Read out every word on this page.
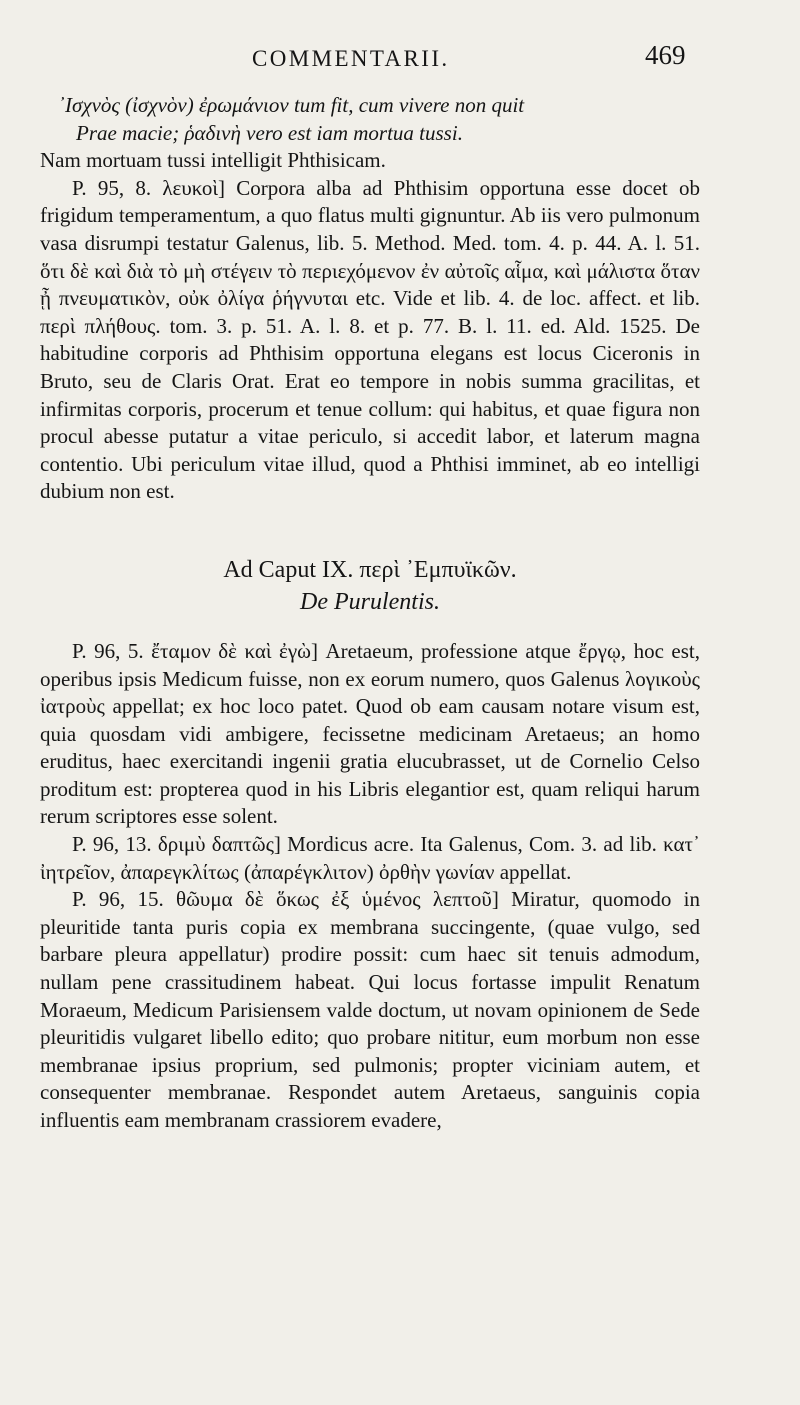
COMMENTARII.	469

᾿Ισχνὸς (ἰσχνὸν) ἐρωμάνιον tum fit, cum vivere non quit

Prae macie; ῥαδινὴ vero est iam mortua tussi.

Nam mortuam tussi intelligit Phthisicam.

P. 95, 8. λευκοὶ] Corpora alba ad Phthisim opportuna esse docet ob frigidum temperamentum, a quo flatus multi gignuntur. Ab iis vero pulmonum vasa disrumpi testatur Galenus, lib. 5. Method. Med. tom. 4. p. 44. A. l. 51. ὅτι δὲ καὶ διὰ τὸ μὴ στέγειν τὸ περιεχόμενον ἐν αὐτοῖς αἷμα, καὶ μάλιστα ὅταν ᾖ πνευματικὸν, οὐκ ὀλίγα ῥήγνυται etc. Vide et lib. 4. de loc. affect. et lib. περὶ πλήθους. tom. 3. p. 51. A. l. 8. et p. 77. B. l. 11. ed. Ald. 1525. De habitudine corporis ad Phthisim opportuna elegans est locus Ciceronis in Bruto, seu de Claris Orat. Erat eo tempore in nobis summa gracilitas, et infirmitas corporis, procerum et tenue collum: qui habitus, et quae figura non procul abesse putatur a vitae periculo, si accedit labor, et laterum magna contentio. Ubi periculum vitae illud, quod a Phthisi imminet, ab eo intelligi dubium non est.

Ad Caput IX. περὶ ᾿Εμπυϊκῶν.

De Purulentis.

P. 96, 5. ἔταμον δὲ καὶ ἐγὼ] Aretaeum, professione atque ἔργῳ, hoc est, operibus ipsis Medicum fuisse, non ex eorum numero, quos Galenus λογικοὺς ἰατροὺς appellat; ex hoc loco patet. Quod ob eam causam notare visum est, quia quosdam vidi ambigere, fecissetne medicinam Aretaeus; an homo eruditus, haec exercitandi ingenii gratia elucubrasset, ut de Cornelio Celso proditum est: propterea quod in his Libris elegantior est, quam reliqui harum rerum scriptores esse solent.

P. 96, 13. δριμὺ δαπτῶς] Mordicus acre. Ita Galenus, Com. 3. ad lib. κατ᾿ ἰητρεῖον, ἀπαρεγκλίτως (ἀπαρέγκλιτον) ὀρθὴν γωνίαν appellat.

P. 96, 15. θῶυμα δὲ ὅκως ἐξ ὑμένος λεπτοῦ] Miratur, quomodo in pleuritide tanta puris copia ex membrana succingente, (quae vulgo, sed barbare pleura appellatur) prodire possit: cum haec sit tenuis admodum, nullam pene crassitudinem habeat. Qui locus fortasse impulit Renatum Moraeum, Medicum Parisiensem valde doctum, ut novam opinionem de Sede pleuritidis vulgaret libello edito; quo probare nititur, eum morbum non esse membranae ipsius proprium, sed pulmonis; propter viciniam autem, et consequenter membranae. Respondet autem Aretaeus, sanguinis copia influentis eam membranam crassiorem evadere,
